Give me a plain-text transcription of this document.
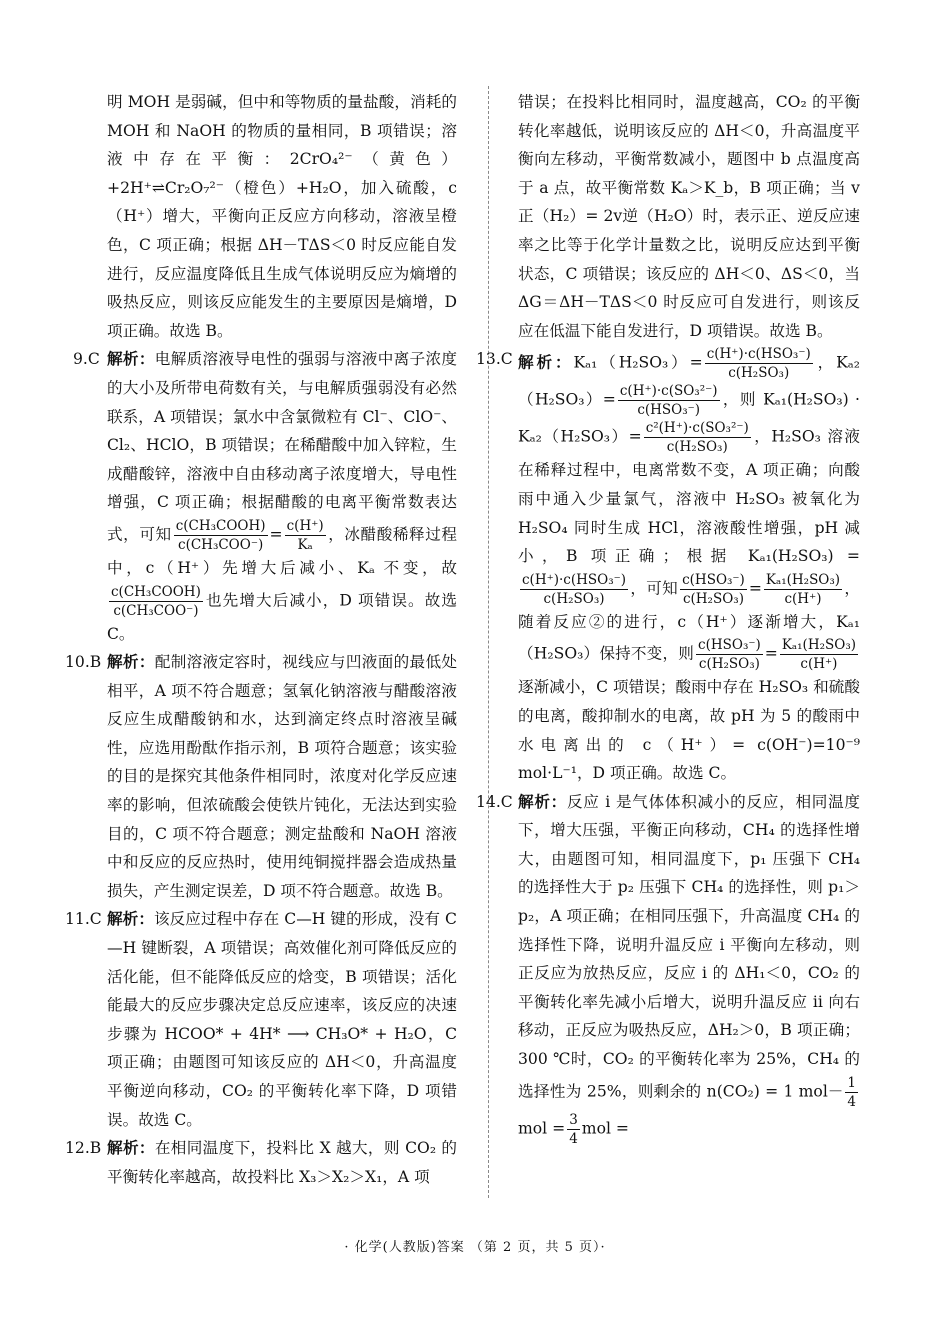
明 MOH 是弱碱，但中和等物质的量盐酸，消耗的 MOH 和 NaOH 的物质的量相同，B 项错误；溶液中存在平衡：2CrO₄²⁻（黄色）+2H⁺⇌Cr₂O₇²⁻（橙色）+H₂O，加入硫酸，c（H⁺）增大，平衡向正反应方向移动，溶液呈橙色，C 项正确；根据 ΔH－TΔS＜0 时反应能自发进行，反应温度降低且生成气体说明反应为熵增的吸热反应，则该反应能发生的主要原因是熵增，D 项正确。故选 B。

9.C 解析：电解质溶液导电性的强弱与溶液中离子浓度的大小及所带电荷数有关，与电解质强弱没有必然联系，A 项错误；氯水中含氯微粒有 Cl⁻、ClO⁻、Cl₂、HClO，B 项错误；在稀醋酸中加入锌粒，生成醋酸锌，溶液中自由移动离子浓度增大，导电性增强，C 项正确；根据醋酸的电离平衡常数表达式，可知 $\frac{\text{c(CH₃COOH)}}{\text{c(CH₃COO⁻)}} = \frac{c(H^+)}{\text{Kₐ}}$ ，冰醋酸稀释过程中，c（H⁺）先增大后减小、Kₐ 不变，故
$\frac{\text{c(CH₃COOH)}}{\text{c(CH₃COO⁻)}}$ 也先增大后减小，D 项错误。故选 C。
10.B 解析：配制溶液定容时，视线应与凹液面的最低处相平，A 项不符合题意；氢氧化钠溶液与醋酸溶液反应生成醋酸钠和水，达到滴定终点时溶液呈碱性，应选用酚酞作指示剂，B 项符合题意；该实验的目的是探究其他条件相同时，浓度对化学反应速率的影响，但浓硫酸会使铁片钝化，无法达到实验目的，C 项不符合题意；测定盐酸和 NaOH 溶液中和反应的反应热时，使用纯铜搅拌器会造成热量损失，产生测定误差，D 项不符合题意。故选 B。
11.C 解析：该反应过程中存在 C—H 键的形成，没有 C—H 键断裂，A 项错误；高效催化剂可降低反应的活化能，但不能降低反应的焓变，B 项错误；活化能最大的反应步骤决定总反应速率，该反应的决速步骤为 HCOO* + 4H* ⟶ CH₃O* + H₂O，C 项正确；由题图可知该反应的 ΔH＜0，升高温度平衡逆向移动，CO₂ 的平衡转化率下降，D 项错误。故选 C。
12.B 解析：在相同温度下，投料比 X 越大，则 CO₂ 的平衡转化率越高，故投料比 X₃＞X₂＞X₁，A 项

错误；在投料比相同时，温度越高，CO₂ 的平衡转化率越低，说明该反应的 ΔH＜0，升高温度平衡向左移动，平衡常数减小，题图中 b 点温度高于 a 点，故平衡常数 Kₐ＞K_b，B 项正确；当 v正（H₂）= 2v逆（H₂O）时，表示正、逆反应速率之比等于化学计量数之比，说明反应达到平衡状态，C 项错误；该反应的 ΔH＜0、ΔS＜0，当 ΔG＝ΔH－TΔS＜0 时反应可自发进行，则该反应在低温下能自发进行，D 项错误。故选 B。

13.C 解析：$K_{a1}(H_2SO_3)= \frac{\text{c(H⁺)·c(HSO₃⁻)}}{\text{c(H₂SO₃)}}$ ，$K_{a2}(H_2SO_3)= \frac{\text{c(H⁺)·c(SO₃²⁻)}}{\text{c(HSO₃⁻)}}$ ，则 $K_{a1}(H_2SO_3) \cdot K_{a2}(H_2SO_3)= \frac{\text{c²(H⁺)·c(SO₃²⁻)}}{\text{c(H₂SO₃)}}$ ，H₂SO₃ 溶液在稀释过程中，电离常数不变，A 项正确；向酸雨中通入少量氯气，溶液中 H₂SO₃ 被氧化为 H₂SO₄ 同时生成 HCl，溶液酸性增强，pH 减小，B 项正确；根据 Kₐ₁(H₂SO₃) =
$\frac{\text{c(H⁺)·c(HSO₃⁻)}}{\text{c(H₂SO₃)}}$ ，可知 $\frac{\text{c(HSO₃⁻)}}{\text{c(H₂SO₃)}} = \frac{\text{Kₐ₁(H₂SO₃)}}{c(H^+)}$ ，随着反应②的进行，c（H⁺）逐渐增大，Kₐ₁（H₂SO₃）保持不变，则 $\frac{\text{c(HSO₃⁻)}}{\text{c(H₂SO₃)}} = \frac{\text{Kₐ₁(H₂SO₃)}}{c(H^+)}$
逐渐减小，C 项错误；酸雨中存在 H₂SO₃ 和硫酸的电离，酸抑制水的电离，故 pH 为 5 的酸雨中水电离出的 c（H⁺）= c(OH⁻)=10⁻⁹ mol·L⁻¹，D 项正确。故选 C。
14.C 解析：反应 i 是气体体积减小的反应，相同温度下，增大压强，平衡正向移动，CH₄ 的选择性增大，由题图可知，相同温度下，p₁ 压强下 CH₄ 的选择性大于 p₂ 压强下 CH₄ 的选择性，则 p₁＞p₂，A 项正确；在相同压强下，升高温度 CH₄ 的选择性下降，说明升温反应 i 平衡向左移动，则正反应为放热反应，反应 i 的 ΔH₁＜0，CO₂ 的平衡转化率先减小后增大，说明升温反应 ii 向右移动，正反应为吸热反应，ΔH₂＞0，B 项正确；300 ℃时，CO₂ 的平衡转化率为 25%，CH₄ 的选择性为 25%，则剩余的 n(CO₂) = 1 $mol- \frac{1}{4}$
mol = $\frac{3}{4}$ mol =
· 化学(人教版)答案 （第 2 页，共 5 页）·
